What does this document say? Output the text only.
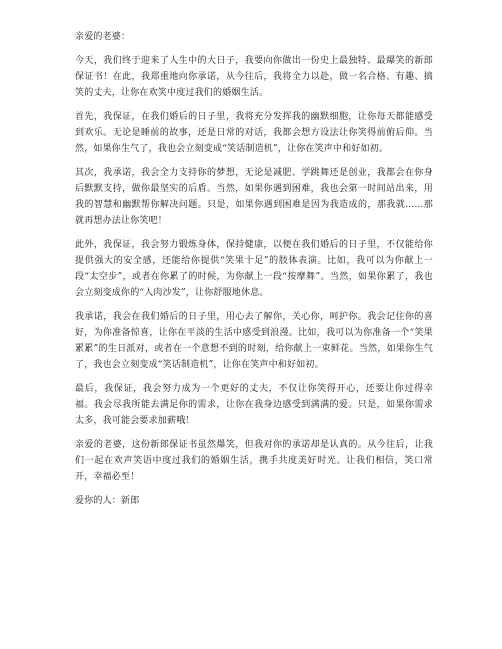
亲爱的老婆：

今天，我们终于迎来了人生中的大日子，我要向你做出一份史上最独特、最爆笑的新郎保证书！在此，我郑重地向你承诺，从今往后，我将全力以赴，做一名合格、有趣、搞笑的丈夫，让你在欢笑中度过我们的婚姻生活。

首先，我保证，在我们婚后的日子里，我将充分发挥我的幽默细胞，让你每天都能感受到欢乐。无论是睡前的故事，还是日常的对话，我都会想方设法让你笑得前俯后仰。当然，如果你生气了，我也会立刻变成“笑话制造机”，让你在笑声中和好如初。

其次，我承诺，我会全力支持你的梦想，无论是减肥、学跳舞还是创业，我都会在你身后默默支持，做你最坚实的后盾。当然，如果你遇到困难，我也会第一时间站出来，用我的智慧和幽默帮你解决问题。只是，如果你遇到困难是因为我造成的，那我就……那就再想办法让你笑吧！

此外，我保证，我会努力锻炼身体，保持健康，以便在我们婚后的日子里，不仅能给你提供强大的安全感，还能给你提供“笑果十足”的肢体表演。比如，我可以为你献上一段“太空步”，或者在你累了的时候，为你献上一段“按摩舞”。当然，如果你累了，我也会立刻变成你的“人肉沙发”，让你舒服地休息。

我承诺，我会在我们婚后的日子里，用心去了解你，关心你，呵护你。我会记住你的喜好，为你准备惊喜，让你在平淡的生活中感受到浪漫。比如，我可以为你准备一个“笑果累累”的生日派对，或者在一个意想不到的时刻，给你献上一束鲜花。当然，如果你生气了，我也会立刻变成“笑话制造机”，让你在笑声中和好如初。

最后，我保证，我会努力成为一个更好的丈夫，不仅让你笑得开心，还要让你过得幸福。我会尽我所能去满足你的需求，让你在我身边感受到满满的爱。只是，如果你需求太多，我可能会要求加薪哦！

亲爱的老婆，这份新郎保证书虽然爆笑，但我对你的承诺却是认真的。从今往后，让我们一起在欢声笑语中度过我们的婚姻生活，携手共度美好时光。让我们相信，笑口常开，幸福必至！

爱你的人：新郎
